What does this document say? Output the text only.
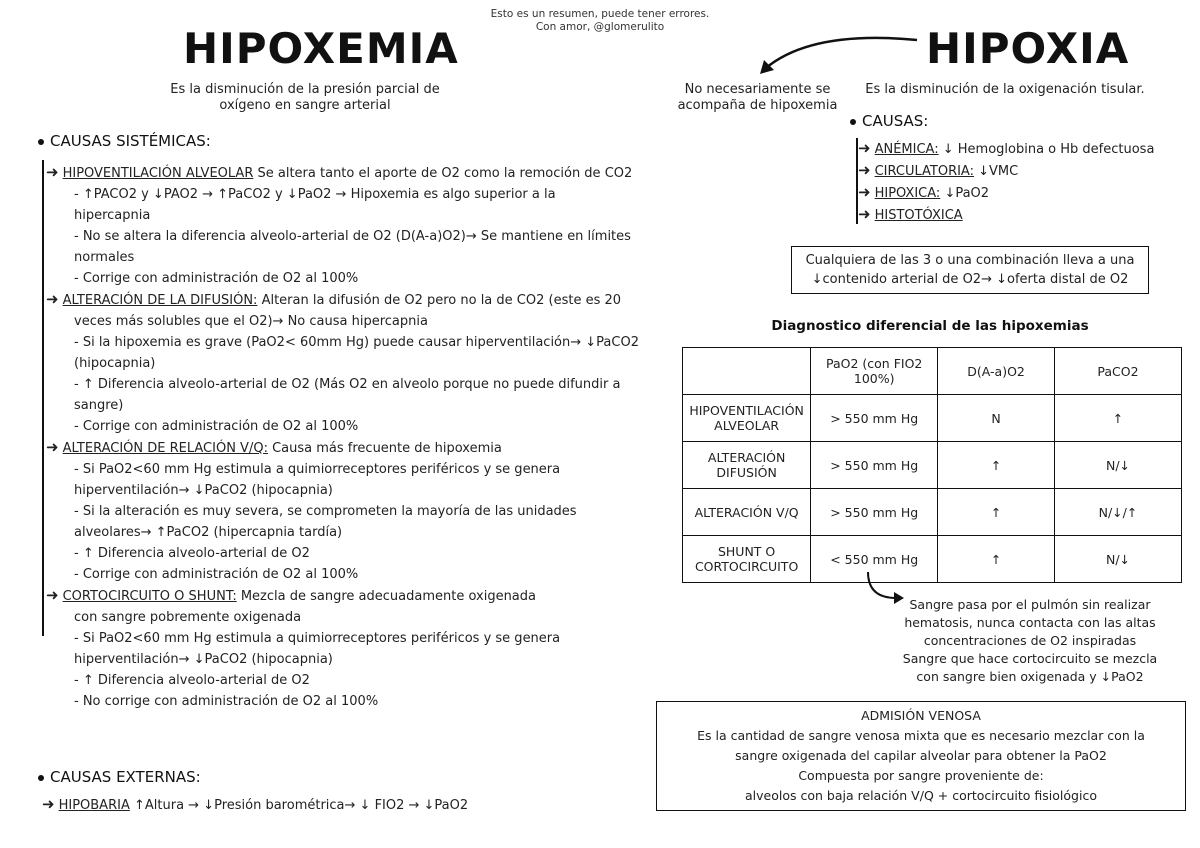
Esto es un resumen, puede tener errores.
Con amor, @glomerulito
HIPOXEMIA
Es la disminución de la presión parcial de
oxígeno en sangre arterial
CAUSAS SISTÉMICAS:
➜ HIPOVENTILACIÓN ALVEOLAR Se altera tanto el aporte de O2 como la remoción de CO2
- ↑PACO2 y ↓PAO2 → ↑PaCO2 y ↓PaO2 → Hipoxemia es algo superior a la
hipercapnia
- No se altera la diferencia alveolo-arterial de O2 (D(A-a)O2)→ Se mantiene en límites
normales
- Corrige con administración de O2 al 100%
➜ ALTERACIÓN DE LA DIFUSIÓN: Alteran la difusión de O2 pero no la de CO2 (este es 20
veces más solubles que el O2)→ No causa hipercapnia
- Si la hipoxemia es grave (PaO2< 60mm Hg) puede causar hiperventilación→ ↓PaCO2
(hipocapnia)
- ↑ Diferencia alveolo-arterial de O2 (Más O2 en alveolo porque no puede difundir a
sangre)
- Corrige con administración de O2 al 100%
➜ ALTERACIÓN DE RELACIÓN V/Q: Causa más frecuente de hipoxemia
- Si PaO2<60 mm Hg estimula a quimiorreceptores periféricos y se genera
hiperventilación→ ↓PaCO2 (hipocapnia)
- Si la alteración es muy severa, se comprometen la mayoría de las unidades
alveolares→ ↑PaCO2 (hipercapnia tardía)
- ↑ Diferencia alveolo-arterial de O2
- Corrige con administración de O2 al 100%
➜ CORTOCIRCUITO O SHUNT: Mezcla de sangre adecuadamente oxigenada
con sangre pobremente oxigenada
- Si PaO2<60 mm Hg estimula a quimiorreceptores periféricos y se genera
hiperventilación→ ↓PaCO2 (hipocapnia)
- ↑ Diferencia alveolo-arterial de O2
- No corrige con administración de O2 al 100%
CAUSAS EXTERNAS:
➜ HIPOBARIA ↑Altura → ↓Presión barométrica→ ↓ FIO2 → ↓PaO2
HIPOXIA
No necesariamente se
acompaña de hipoxemia
Es la disminución de la oxigenación tisular.
CAUSAS:
➜ ANÉMICA: ↓ Hemoglobina o Hb defectuosa
➜ CIRCULATORIA: ↓VMC
➜ HIPOXICA: ↓PaO2
➜ HISTOTÓXICA
Cualquiera de las 3 o una combinación lleva a una
↓contenido arterial de O2→ ↓oferta distal de O2
Diagnostico diferencial de las hipoxemias
	PaO2 (con FIO2 100%)	D(A-a)O2	PaCO2
HIPOVENTILACIÓN ALVEOLAR	> 550 mm Hg	N	↑
ALTERACIÓN DIFUSIÓN	> 550 mm Hg	↑	N/↓
ALTERACIÓN V/Q	> 550 mm Hg	↑	N/↓/↑
SHUNT O CORTOCIRCUITO	< 550 mm Hg	↑	N/↓
Sangre pasa por el pulmón sin realizar
hematosis, nunca contacta con las altas
concentraciones de O2 inspiradas
Sangre que hace cortocircuito se mezcla
con sangre bien oxigenada y ↓PaO2
ADMISIÓN VENOSA
Es la cantidad de sangre venosa mixta que es necesario mezclar con la
sangre oxigenada del capilar alveolar para obtener la PaO2
Compuesta por sangre proveniente de:
alveolos con baja relación V/Q + cortocircuito fisiológico
